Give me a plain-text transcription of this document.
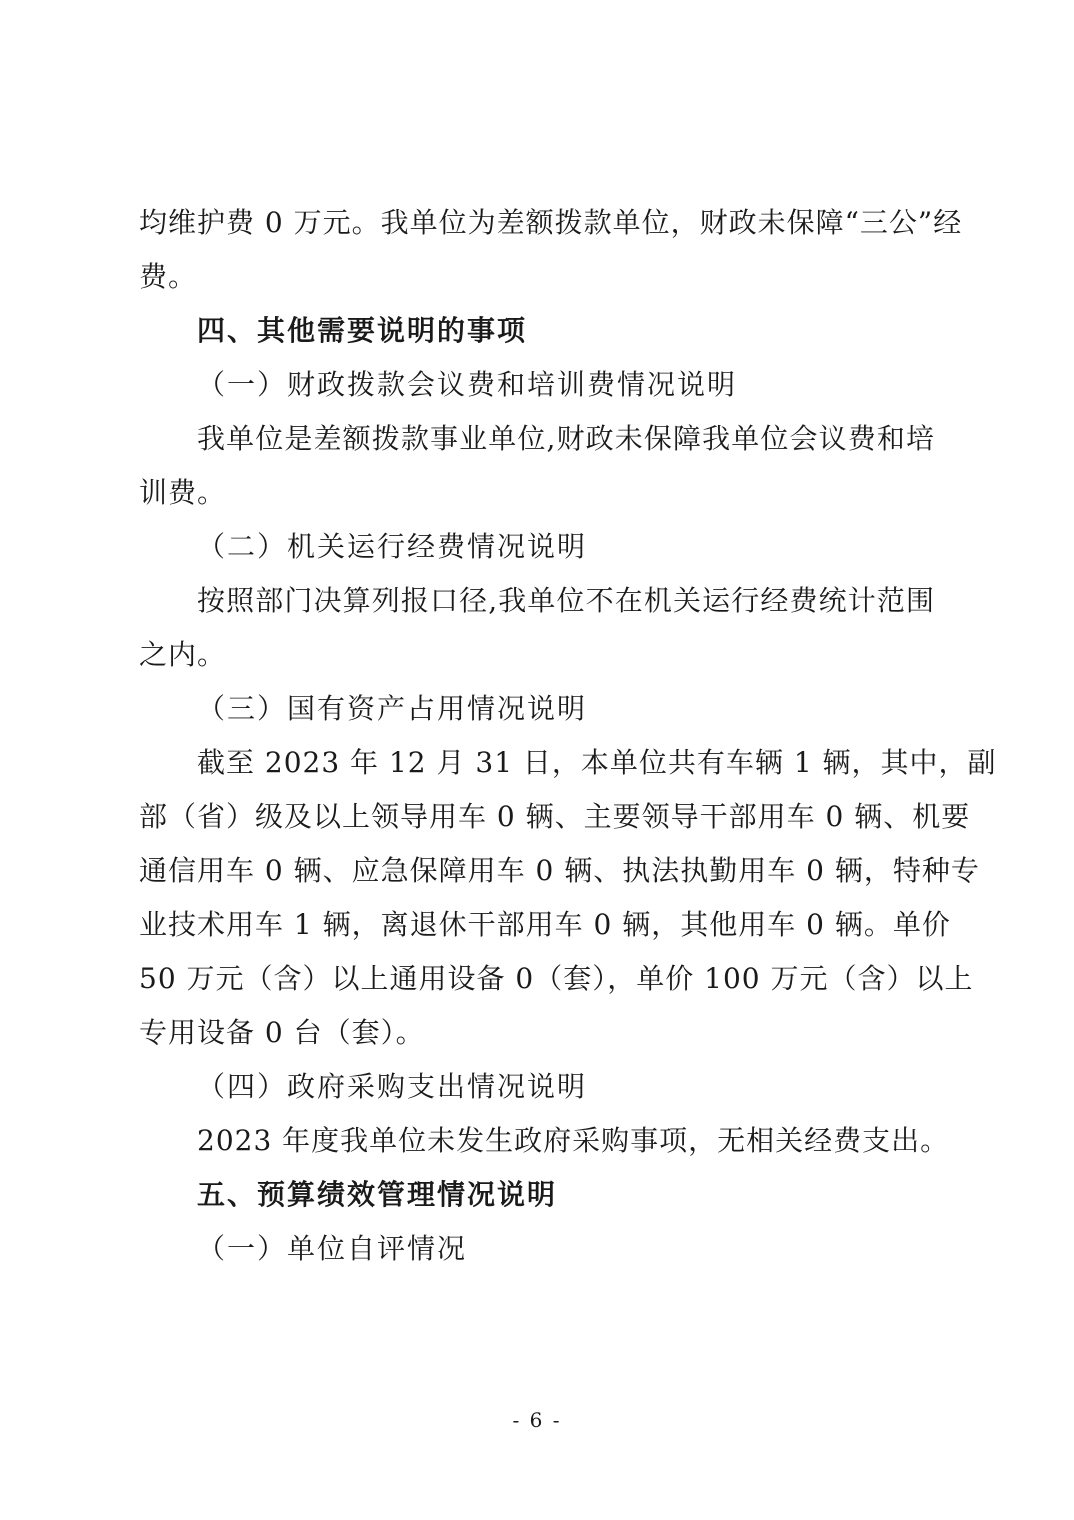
均维护费 0 万元。我单位为差额拨款单位，财政未保障“三公”经
费。
四、其他需要说明的事项
（一）财政拨款会议费和培训费情况说明
我单位是差额拨款事业单位,财政未保障我单位会议费和培
训费。
（二）机关运行经费情况说明
按照部门决算列报口径,我单位不在机关运行经费统计范围
之内。
（三）国有资产占用情况说明
截至 2023 年 12 月 31 日，本单位共有车辆 1 辆，其中，副
部（省）级及以上领导用车 0 辆、主要领导干部用车 0 辆、机要
通信用车 0 辆、应急保障用车 0 辆、执法执勤用车 0 辆，特种专
业技术用车 1 辆，离退休干部用车 0 辆，其他用车 0 辆。单价
50 万元（含）以上通用设备 0（套），单价 100 万元（含）以上
专用设备 0 台（套）。
（四）政府采购支出情况说明
2023 年度我单位未发生政府采购事项，无相关经费支出。
五、预算绩效管理情况说明
（一）单位自评情况
- 6 -
